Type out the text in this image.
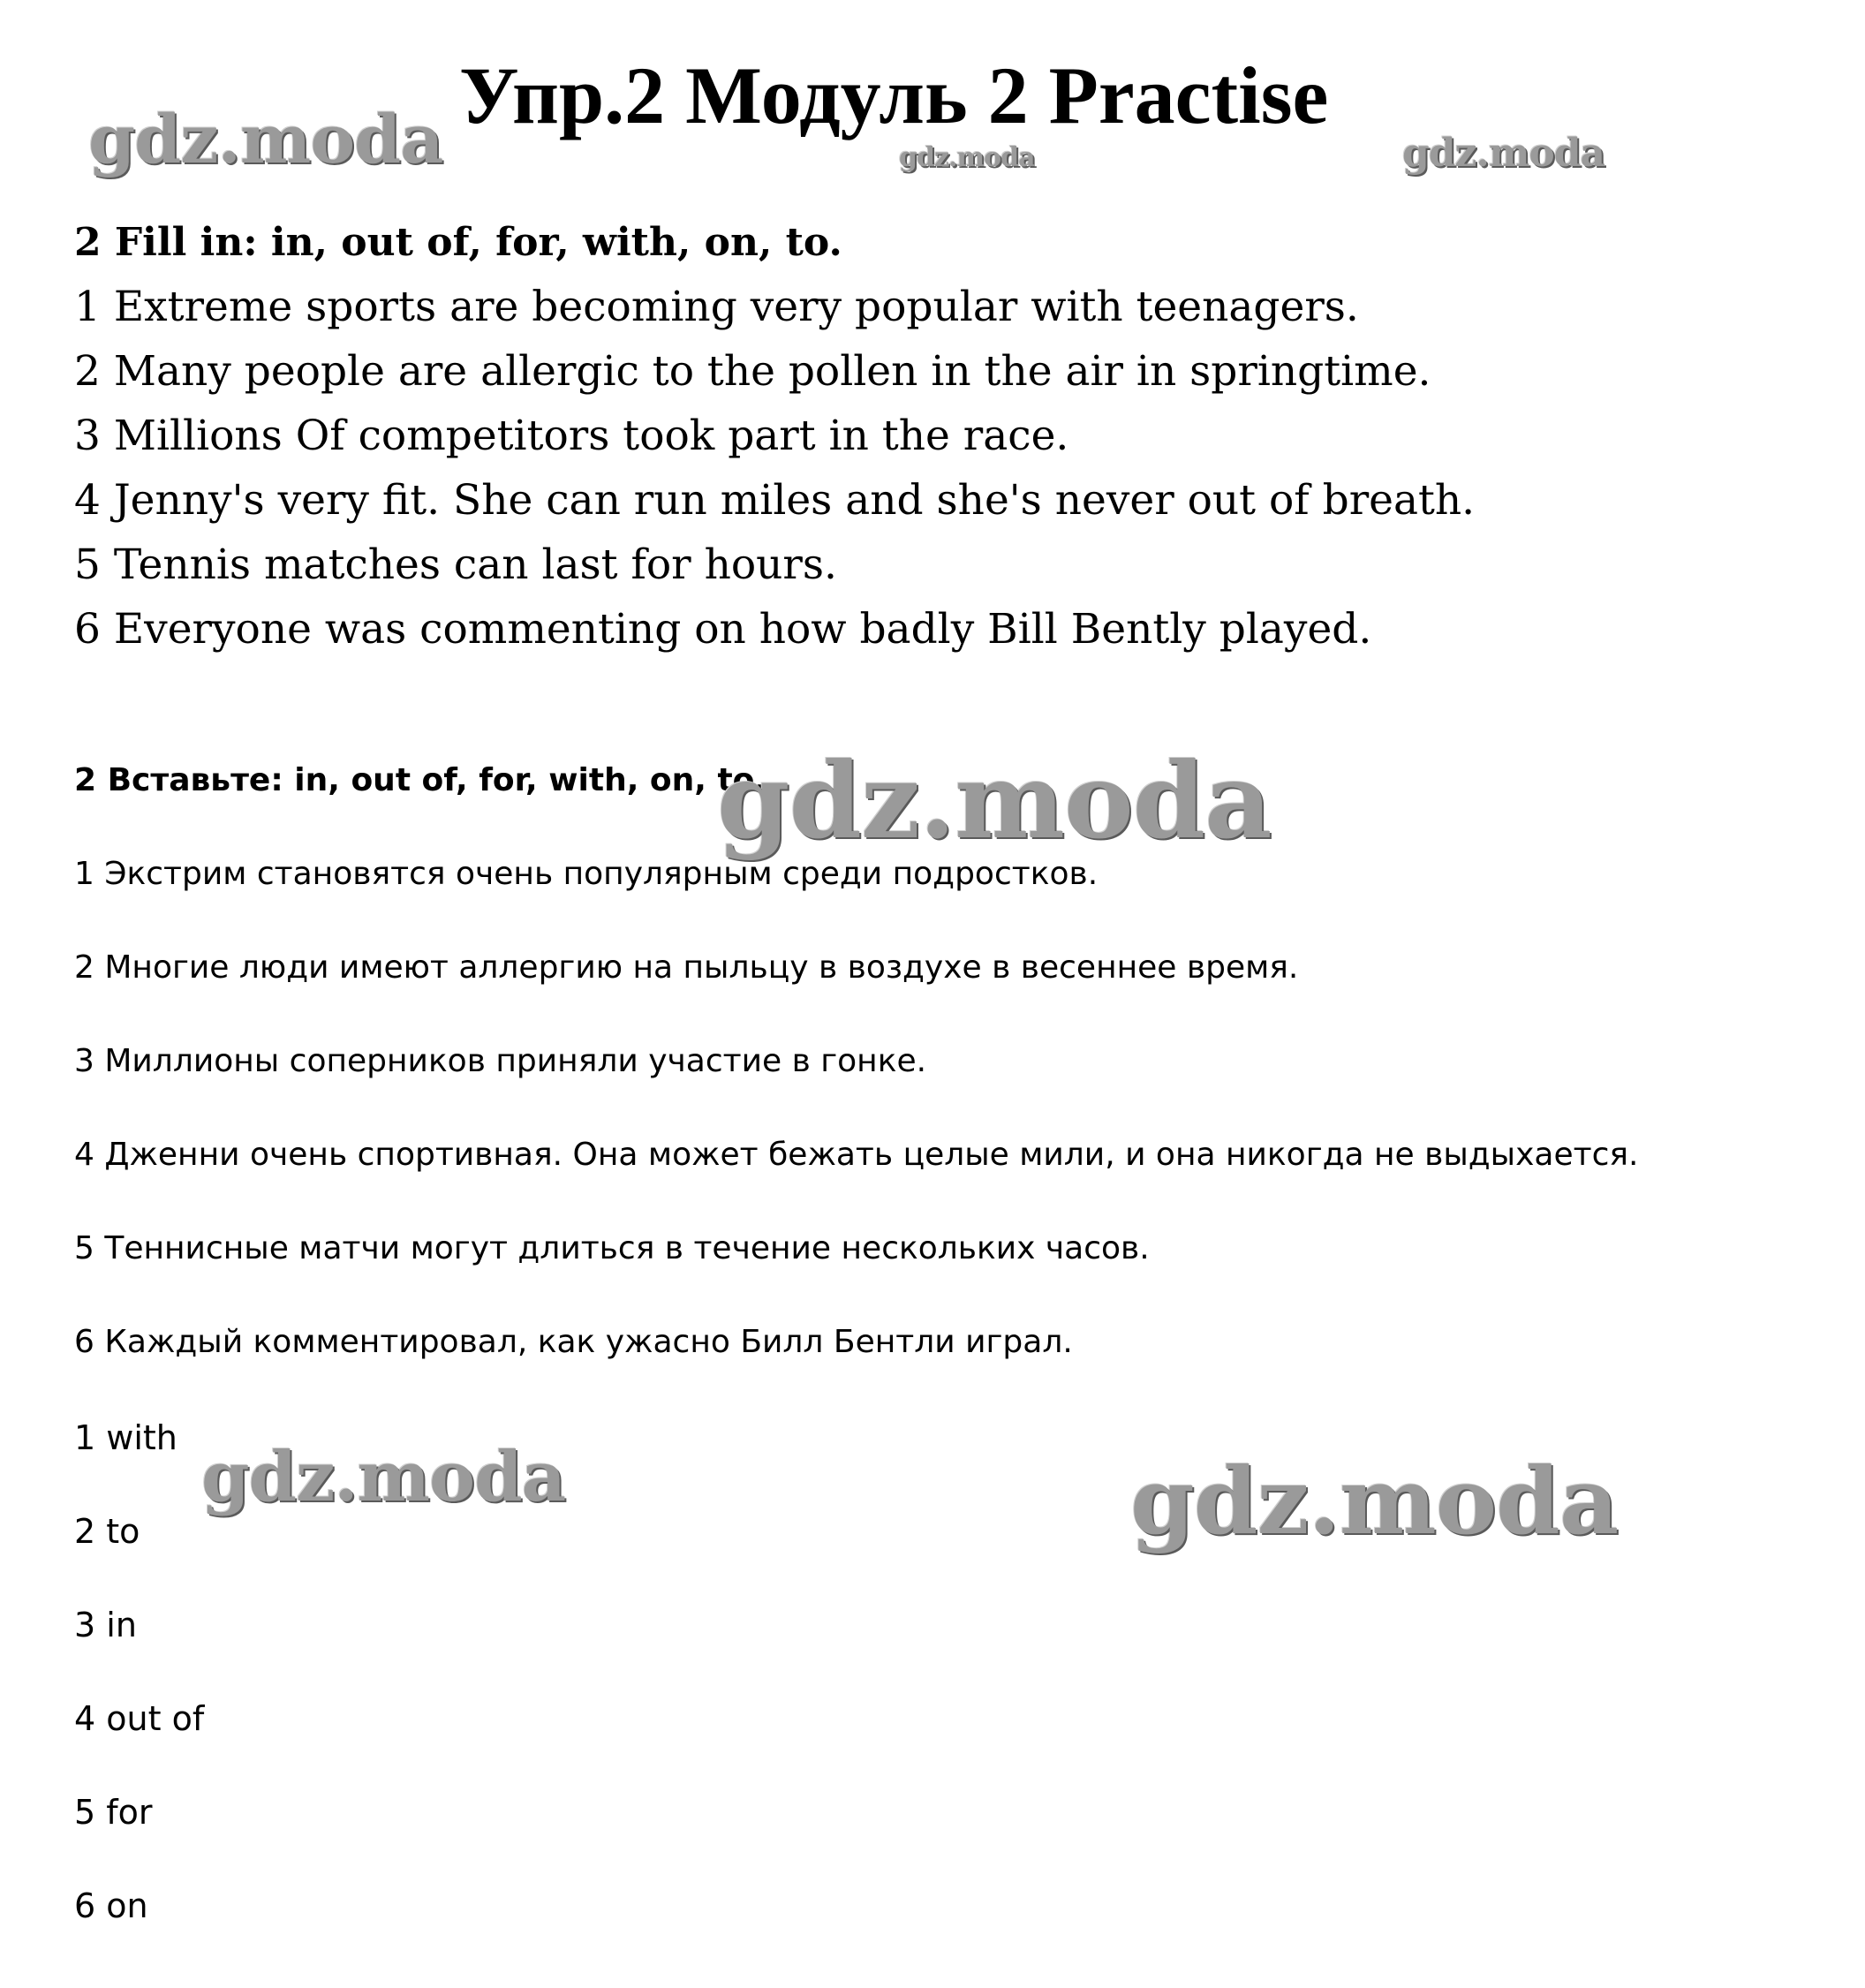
Упр.2 Модуль 2 Practise
gdz.moda	gdz.moda	gdz.moda
2 Fill in: in, out of, for, with, on, to.
1 Extreme sports are becoming very popular with teenagers.
2 Many people are allergic to the pollen in the air in springtime.
3 Millions Of competitors took part in the race.
4 Jenny's very fit. She can run miles and she's never out of breath.
5 Tennis matches can last for hours.
6 Everyone was commenting on how badly Bill Bently played.
2 Вставьте: in, out of, for, with, on, to.
gdz.moda
1 Экстрим становятся очень популярным среди подростков.
2 Многие люди имеют аллергию на пыльцу в воздухе в весеннее время.
3 Миллионы соперников приняли участие в гонке.
4 Дженни очень спортивная. Она может бежать целые мили, и она никогда не выдыхается.
5 Теннисные матчи могут длиться в течение нескольких часов.
6 Каждый комментировал, как ужасно Билл Бентли играл.
1 with
2 to
3 in
4 out of
5 for
6 on
gdz.moda	gdz.moda
